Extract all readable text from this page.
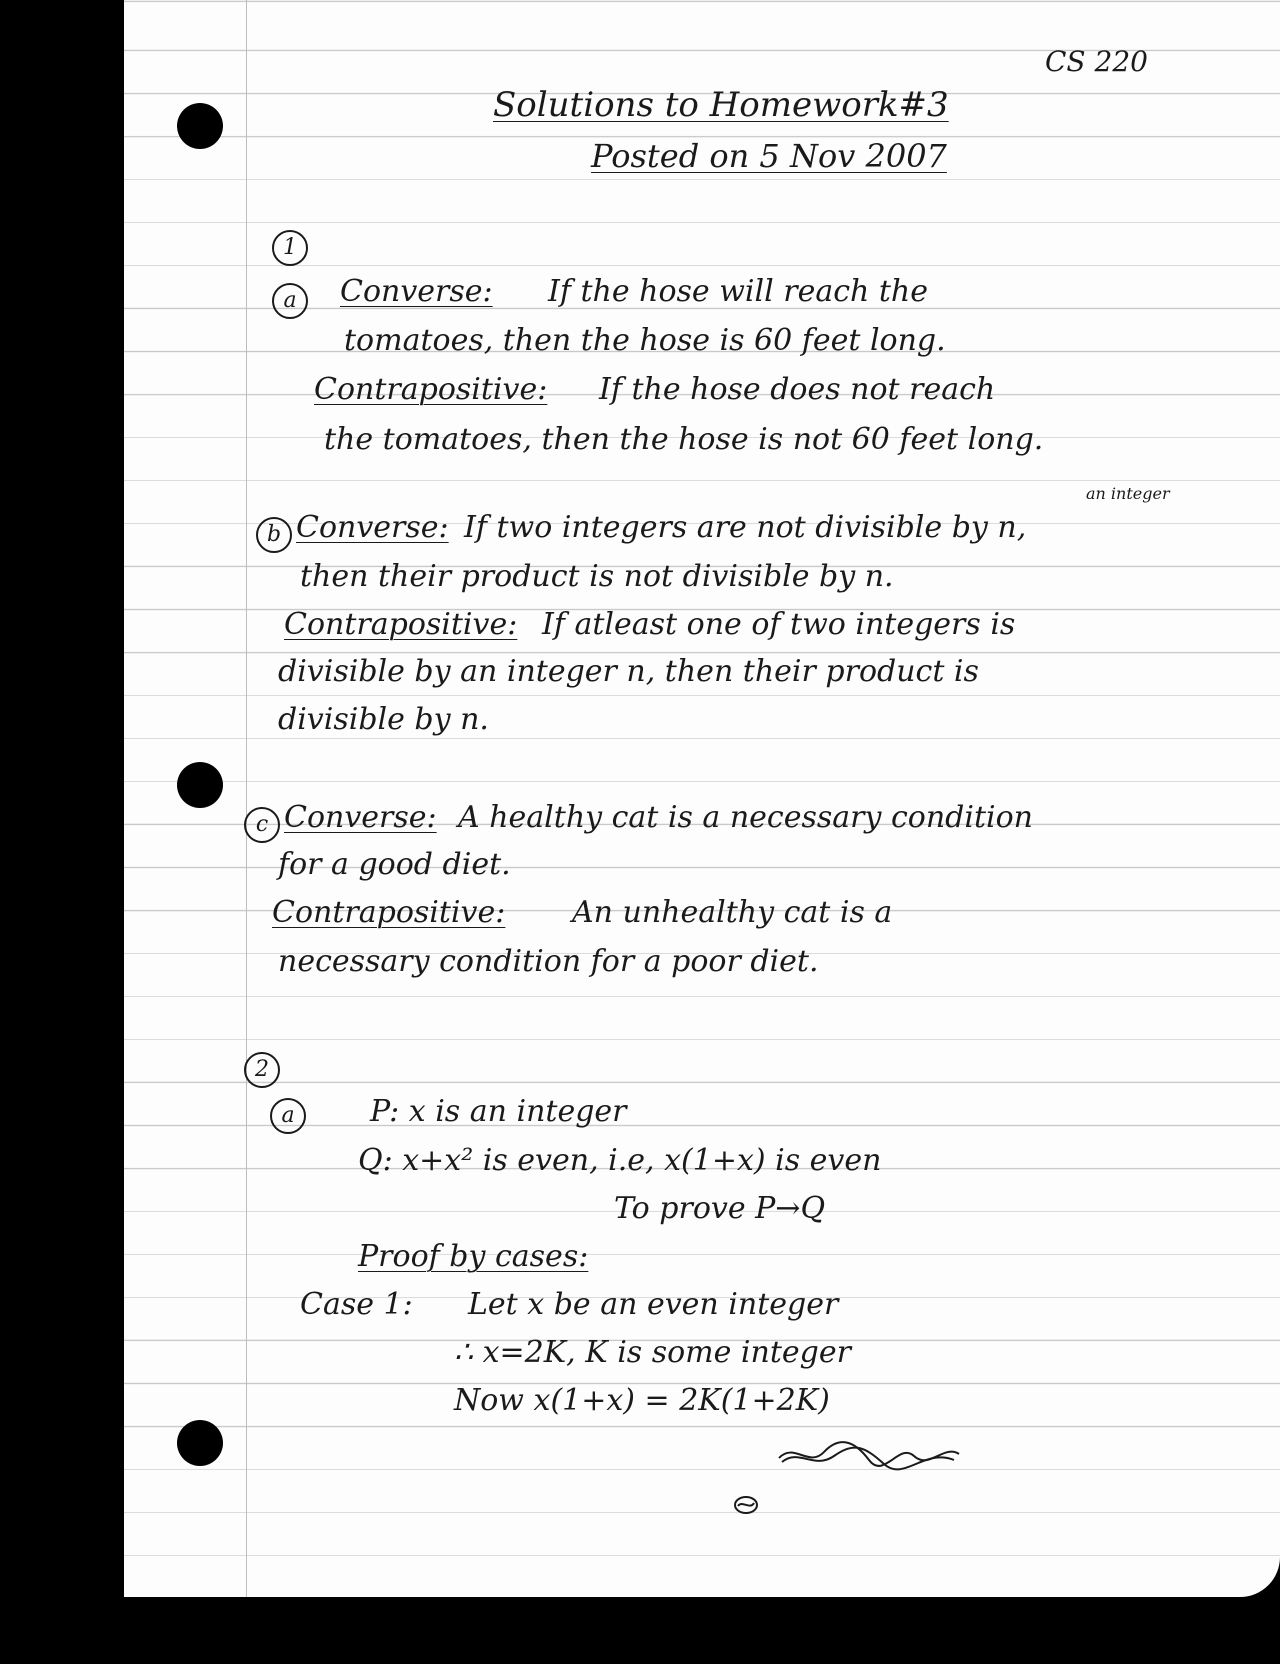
CS 220

Solutions to Homework#3

Posted on 5 Nov 2007

1
a	Converse: If the hose will reach the

tomatoes, then the hose is 60 feet long.

Contrapositive: If the hose does not reach

the tomatoes, then the hose is not 60 feet long.

b

an integer

Converse: If two integers are not divisible by n,

then their product is not divisible by n.

Contrapositive: If atleast one of two integers is

divisible by an integer n, then their product is

divisible by n.

c Converse: A healthy cat is a necessary condition

for a good diet.

Contrapositive: An unhealthy cat is a

necessary condition for a poor diet.

2
a	P: x is an integer

Q: x+x² is even, i.e, x(1+x) is even

To prove P→Q

Proof by cases:

Case 1: Let x be an even integer

∴ x=2K, K is some integer

Now x(1+x) = 2K(1+2K)
